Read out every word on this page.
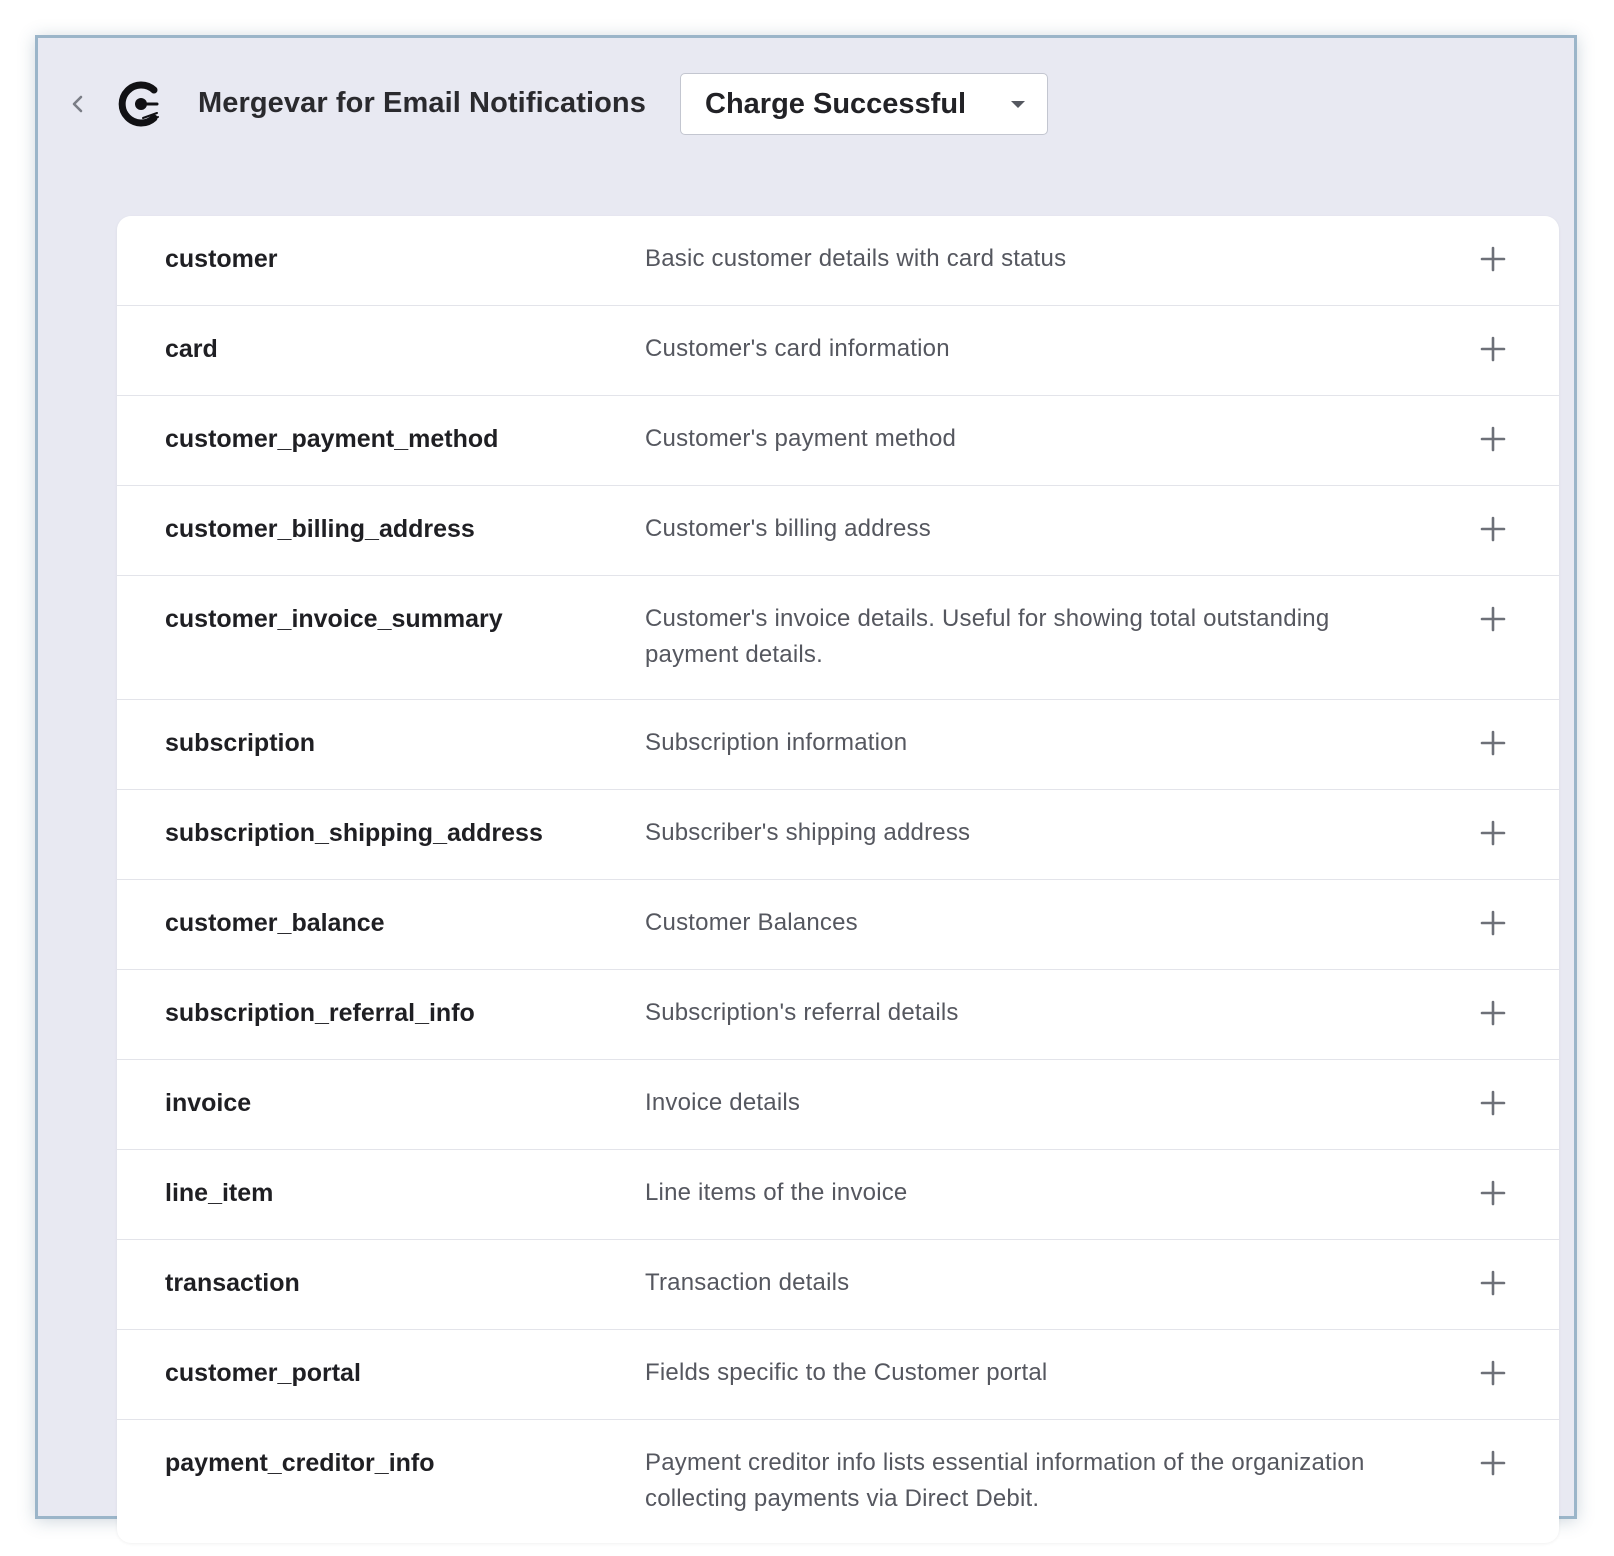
Mergevar for Email Notifications Charge Successful
customer	Basic customer details with card status
card	Customer's card information
customer_payment_method	Customer's payment method
customer_billing_address	Customer's billing address
customer_invoice_summary	Customer's invoice details. Useful for showing total outstanding payment details.
subscription	Subscription information
subscription_shipping_address	Subscriber's shipping address
customer_balance	Customer Balances
subscription_referral_info	Subscription's referral details
invoice	Invoice details
line_item	Line items of the invoice
transaction	Transaction details
customer_portal	Fields specific to the Customer portal
payment_creditor_info	Payment creditor info lists essential information of the organization collecting payments via Direct Debit.
